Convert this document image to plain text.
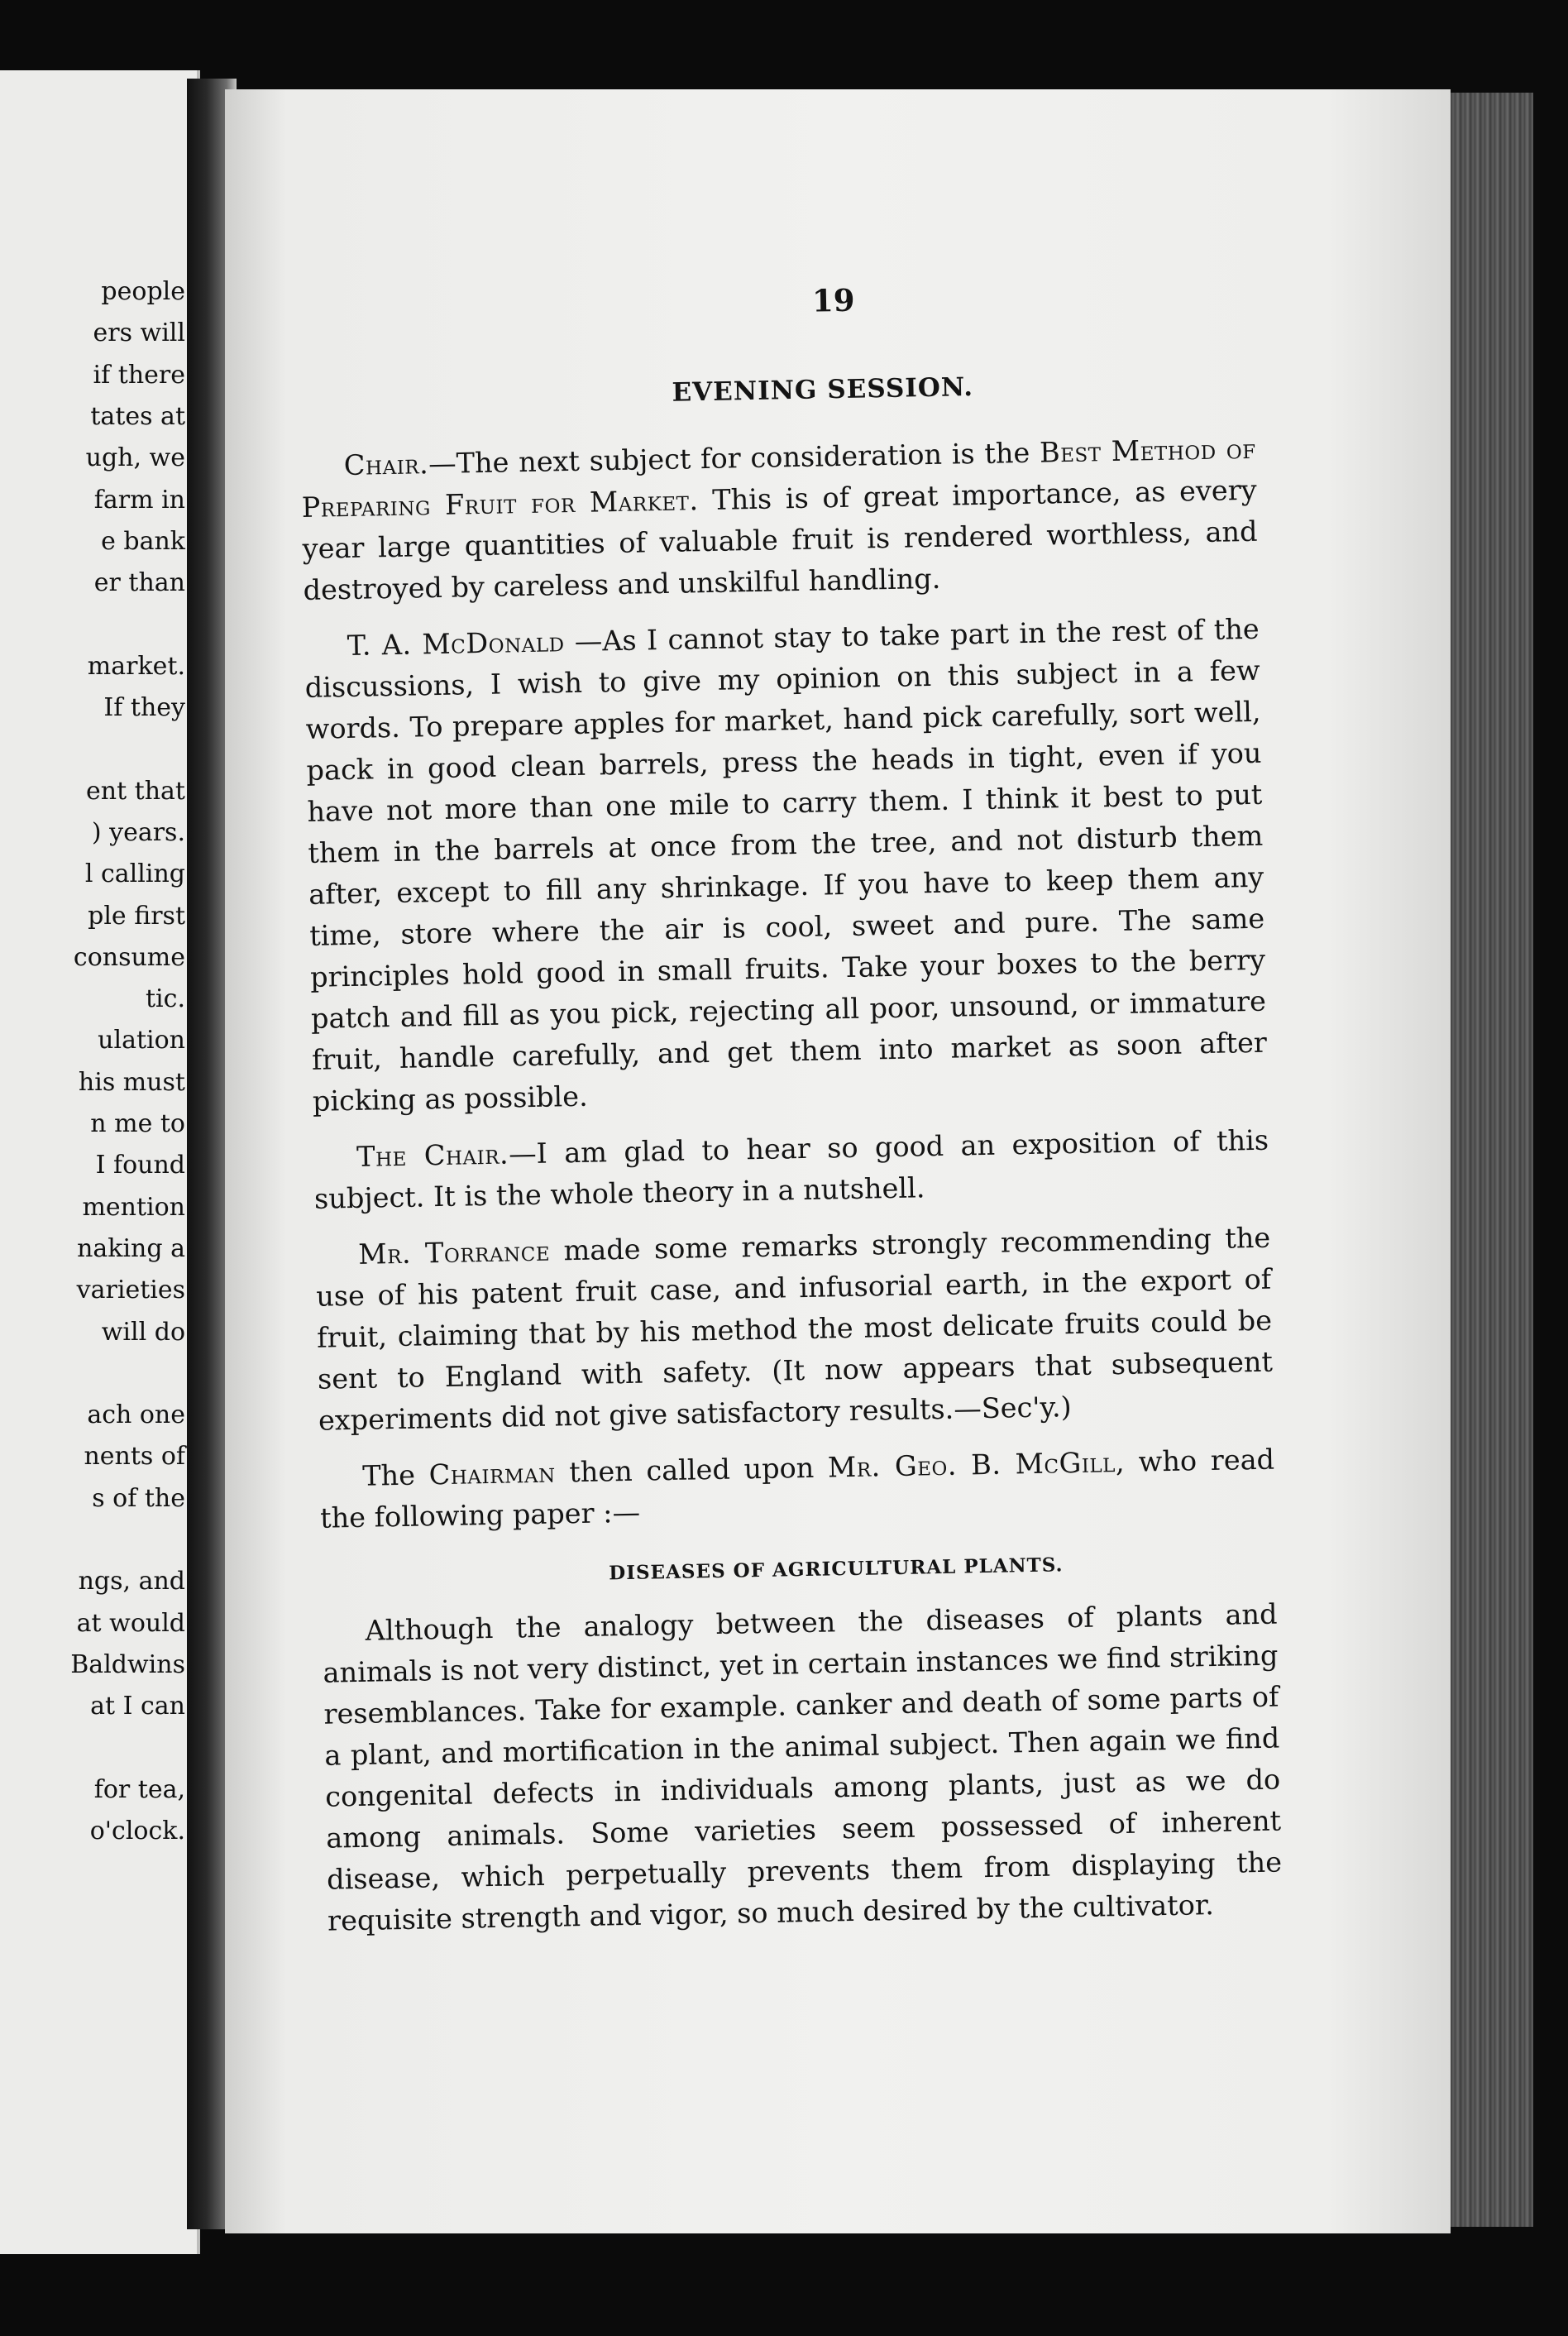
people
ers will
if there
tates at
ugh, we
farm in
e bank
er than
market.
If they
ent that
) years.
l calling
ple first
consume
tic.
ulation
his must
n me to
I found
mention
naking a
varieties
will do
ach one
nents of
s of the
ngs, and
at would
Baldwins
at I can
for tea,
o'clock.
19
EVENING SESSION.

Chair.—The next subject for consideration is the Best Method of Preparing Fruit for Market. This is of great importance, as every year large quantities of valuable fruit is rendered worthless, and destroyed by careless and unskilful handling.

T. A. McDonald —As I cannot stay to take part in the rest of the discussions, I wish to give my opinion on this subject in a few words. To prepare apples for market, hand pick carefully, sort well, pack in good clean barrels, press the heads in tight, even if you have not more than one mile to carry them. I think it best to put them in the barrels at once from the tree, and not disturb them after, except to fill any shrinkage. If you have to keep them any time, store where the air is cool, sweet and pure. The same principles hold good in small fruits. Take your boxes to the berry patch and fill as you pick, rejecting all poor, unsound, or immature fruit, handle carefully, and get them into market as soon after picking as possible.

The Chair.—I am glad to hear so good an exposition of this subject. It is the whole theory in a nutshell.

Mr. Torrance made some remarks strongly recommending the use of his patent fruit case, and infusorial earth, in the export of fruit, claiming that by his method the most delicate fruits could be sent to England with safety. (It now appears that subsequent experiments did not give satisfactory results.—Sec'y.)

The Chairman then called upon Mr. Geo. B. McGill, who read the following paper :—

DISEASES OF AGRICULTURAL PLANTS.

Although the analogy between the diseases of plants and animals is not very distinct, yet in certain instances we find striking resemblances. Take for example. canker and death of some parts of a plant, and mortification in the animal subject. Then again we find congenital defects in individuals among plants, just as we do among animals. Some varieties seem possessed of inherent disease, which perpetually prevents them from displaying the requisite strength and vigor, so much desired by the cultivator.
